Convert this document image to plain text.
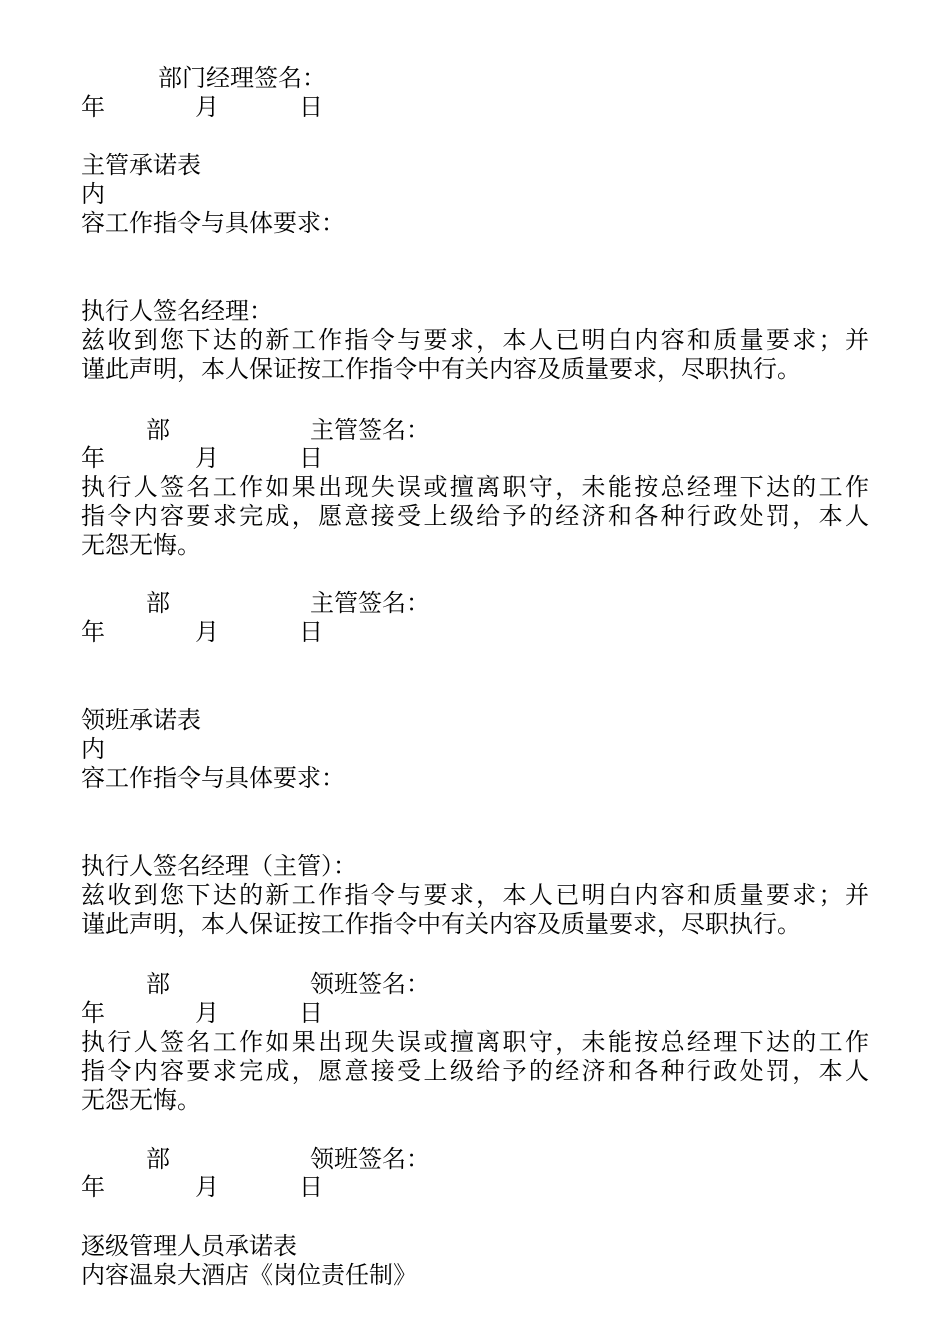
部门经理签名：
年	月	日
主管承诺表
内
容工作指令与具体要求：
执行人签名经理：
兹收到您下达的新工作指令与要求，本人已明白内容和质量要求；并
谨此声明，本人保证按工作指令中有关内容及质量要求，尽职执行。
部	主管签名：
年	月	日
执行人签名工作如果出现失误或擅离职守，未能按总经理下达的工作
指令内容要求完成，愿意接受上级给予的经济和各种行政处罚，本人
无怨无悔。
部	主管签名：
年	月	日
领班承诺表
内
容工作指令与具体要求：
执行人签名经理（主管）：
兹收到您下达的新工作指令与要求，本人已明白内容和质量要求；并
谨此声明，本人保证按工作指令中有关内容及质量要求，尽职执行。
部	领班签名：
年	月	日
执行人签名工作如果出现失误或擅离职守，未能按总经理下达的工作
指令内容要求完成，愿意接受上级给予的经济和各种行政处罚，本人
无怨无悔。
部	领班签名：
年	月	日
逐级管理人员承诺表
内容温泉大酒店《岗位责任制》
